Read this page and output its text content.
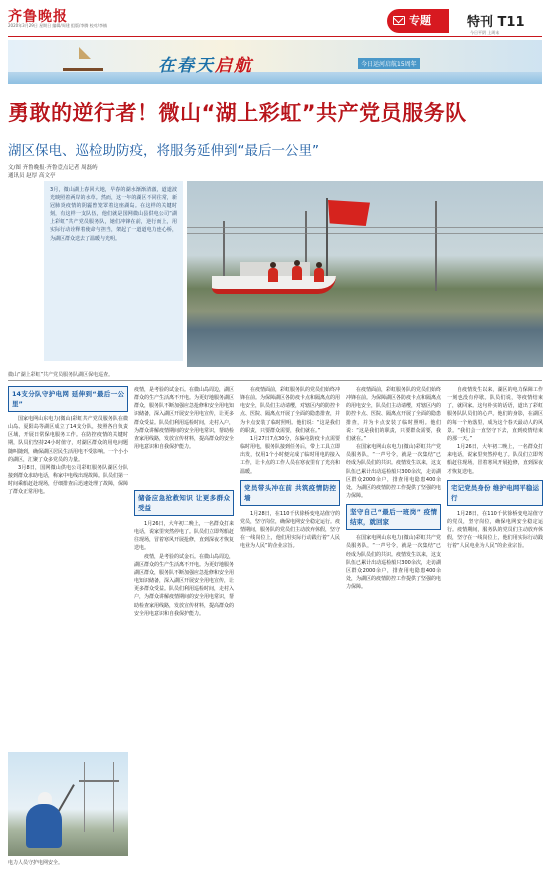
齐鲁晚报
2020年3月29日 星期日 编辑/周建 组版/李腾 校对/李楠	专题	特刊 T11
今日平阴 上周末
在春天启航	今日运河启航15周年
勇敢的逆行者！微山“湖上彩虹”共产党员服务队
湖区保电、巡检助防疫，将服务延伸到“最后一公里”
文/图 齐鲁晚报·齐鲁壹点记者 周磊屿
通讯员 赵厚 高文亭
3月，微山湖上春回大地，早春的湖水渐渐清澈，道道波光映照着两岸的水草。然而，这一年的湖区不同往常，新冠肺炎疫情的阴霾曾笼罩着这座湖岛。在这样的关键时刻，有这样一支队伍，他们就是国网微山县供电公司“湖上彩虹”共产党员服务队，她们冲锋在前，逆行而上，用实际行动诠释着使命与担当，架起了一道道电力连心桥，为湖区群众送去了温暖与光明。
微山“湖上彩虹”共产党员服务队湖区保电巡查。
14支分队守护电网 延伸到“最后一公里”

国家电网山东电力(微山)彩虹共产党员服务队在微山岛、夏阳岛等湖区成立了14支分队，按照各自负责区域，开展日常保电服务工作。在防控疫情的关键时期，队员们坚持24小时值守，对湖区群众的用电问题随叫随到，确保湖区居民生活用电不受影响。一个小小的湖区，汇聚了众多党员的力量。

3月8日，国网微山供电公司彩虹服务队湖区分队接到群众求助电话，称家中电线出现故障。队员们第一时间乘船赶赴现场，仔细排查后迅速处理了故障，保障了群众正常用电。

电力人员守护电网安全。

疫情，是考验的试金石。在微山岛周边，湖区群众的生产生活离不开电。为更好地服务湖区群众，服务队不断加强应急抢修和安全用电知识储备，深入湖区开展安全用电宣传，让更多群众受益。队员们利用巡检时间，走村入户，为群众讲解疫情期间的安全用电常识，帮助检查家用线路，发放宣传材料，提高群众的安全用电意识和自我保护能力。

储备应急抢救知识 让更多群众受益

1月26日，大年初二晚上，一名群众打来电话，说家里突然停电了。队员们立即驾船赶往现场，冒着寒风开展抢修，直到深夜才恢复送电。

疫情，是考验的试金石。在微山岛周边，湖区群众的生产生活离不开电。为更好地服务湖区群众，服务队不断加强应急抢修和安全用电知识储备，深入湖区开展安全用电宣传，让更多群众受益。队员们利用巡检时间，走村入户，为群众讲解疫情期间的安全用电常识，帮助检查家用线路，发放宣传材料，提高群众的安全用电意识和自我保护能力。

在疫情面前，彩虹服务队的党员们始终冲锋在前。为保障湖区各防疫卡点和隔离点的用电安全，队员们主动请缨，对辖区内的防控卡点、医院、隔离点开展了全面的隐患排查，并为卡点安装了临时照明。他们说：“这是我们的职责，只要群众需要，我们就在。”

1月27日7点30分，东偏屯防疫卡点需要临时用电，服务队接到任务后，带上工具立即出发，仅用1个小时便完成了临时用电的接入工作，让卡点的工作人员在寒夜里有了光亮和温暖。

党员带头冲在前 共筑疫情防控墙

1月28日，在110千伏徐桥变电站值守的党员，坚守岗位，确保电网安全稳定运行。疫情期间，服务队的党员们主动放弃休假，坚守在一线岗位上，他们用实际行动践行着“人民电业为人民”的企业宗旨。

在疫情面前，彩虹服务队的党员们始终冲锋在前。为保障湖区各防疫卡点和隔离点的用电安全，队员们主动请缨，对辖区内的防控卡点、医院、隔离点开展了全面的隐患排查，并为卡点安装了临时照明。他们说：“这是我们的职责，只要群众需要，我们就在。”

在国家电网山东电力(微山)彩虹共产党员服务队，“一声号令，就是一次集结”已经成为队员们的共识。疫情发生以来，这支队伍已累计出动巡检船只300余次，走访湖区群众2000余户，排查用电隐患400余处，为湖区的疫情防控工作提供了坚强的电力保障。

坚守自己“最后一班岗” 疫情结束，就回家

在国家电网山东电力(微山)彩虹共产党员服务队，“一声号令，就是一次集结”已经成为队员们的共识。疫情发生以来，这支队伍已累计出动巡检船只300余次，走访湖区群众2000余户，排查用电隐患400余处，为湖区的疫情防控工作提供了坚强的电力保障。

自疫情发生以来，湖区的电力保障工作一刻也没有停歇。队员们说，等疫情结束了，就回家。这句朴实的话语，道出了彩虹服务队队员们的心声。他们的身影，在湖区的每一个角落里，成为这个春天最动人的风景。“我们会一直坚守下去，直到疫情结束的那一天。”

1月26日，大年初二晚上，一名群众打来电话，说家里突然停电了。队员们立即驾船赶往现场，冒着寒风开展抢修，直到深夜才恢复送电。

宅记党员身份 维护电网平稳运行

1月28日，在110千伏徐桥变电站值守的党员，坚守岗位，确保电网安全稳定运行。疫情期间，服务队的党员们主动放弃休假，坚守在一线岗位上，他们用实际行动践行着“人民电业为人民”的企业宗旨。
